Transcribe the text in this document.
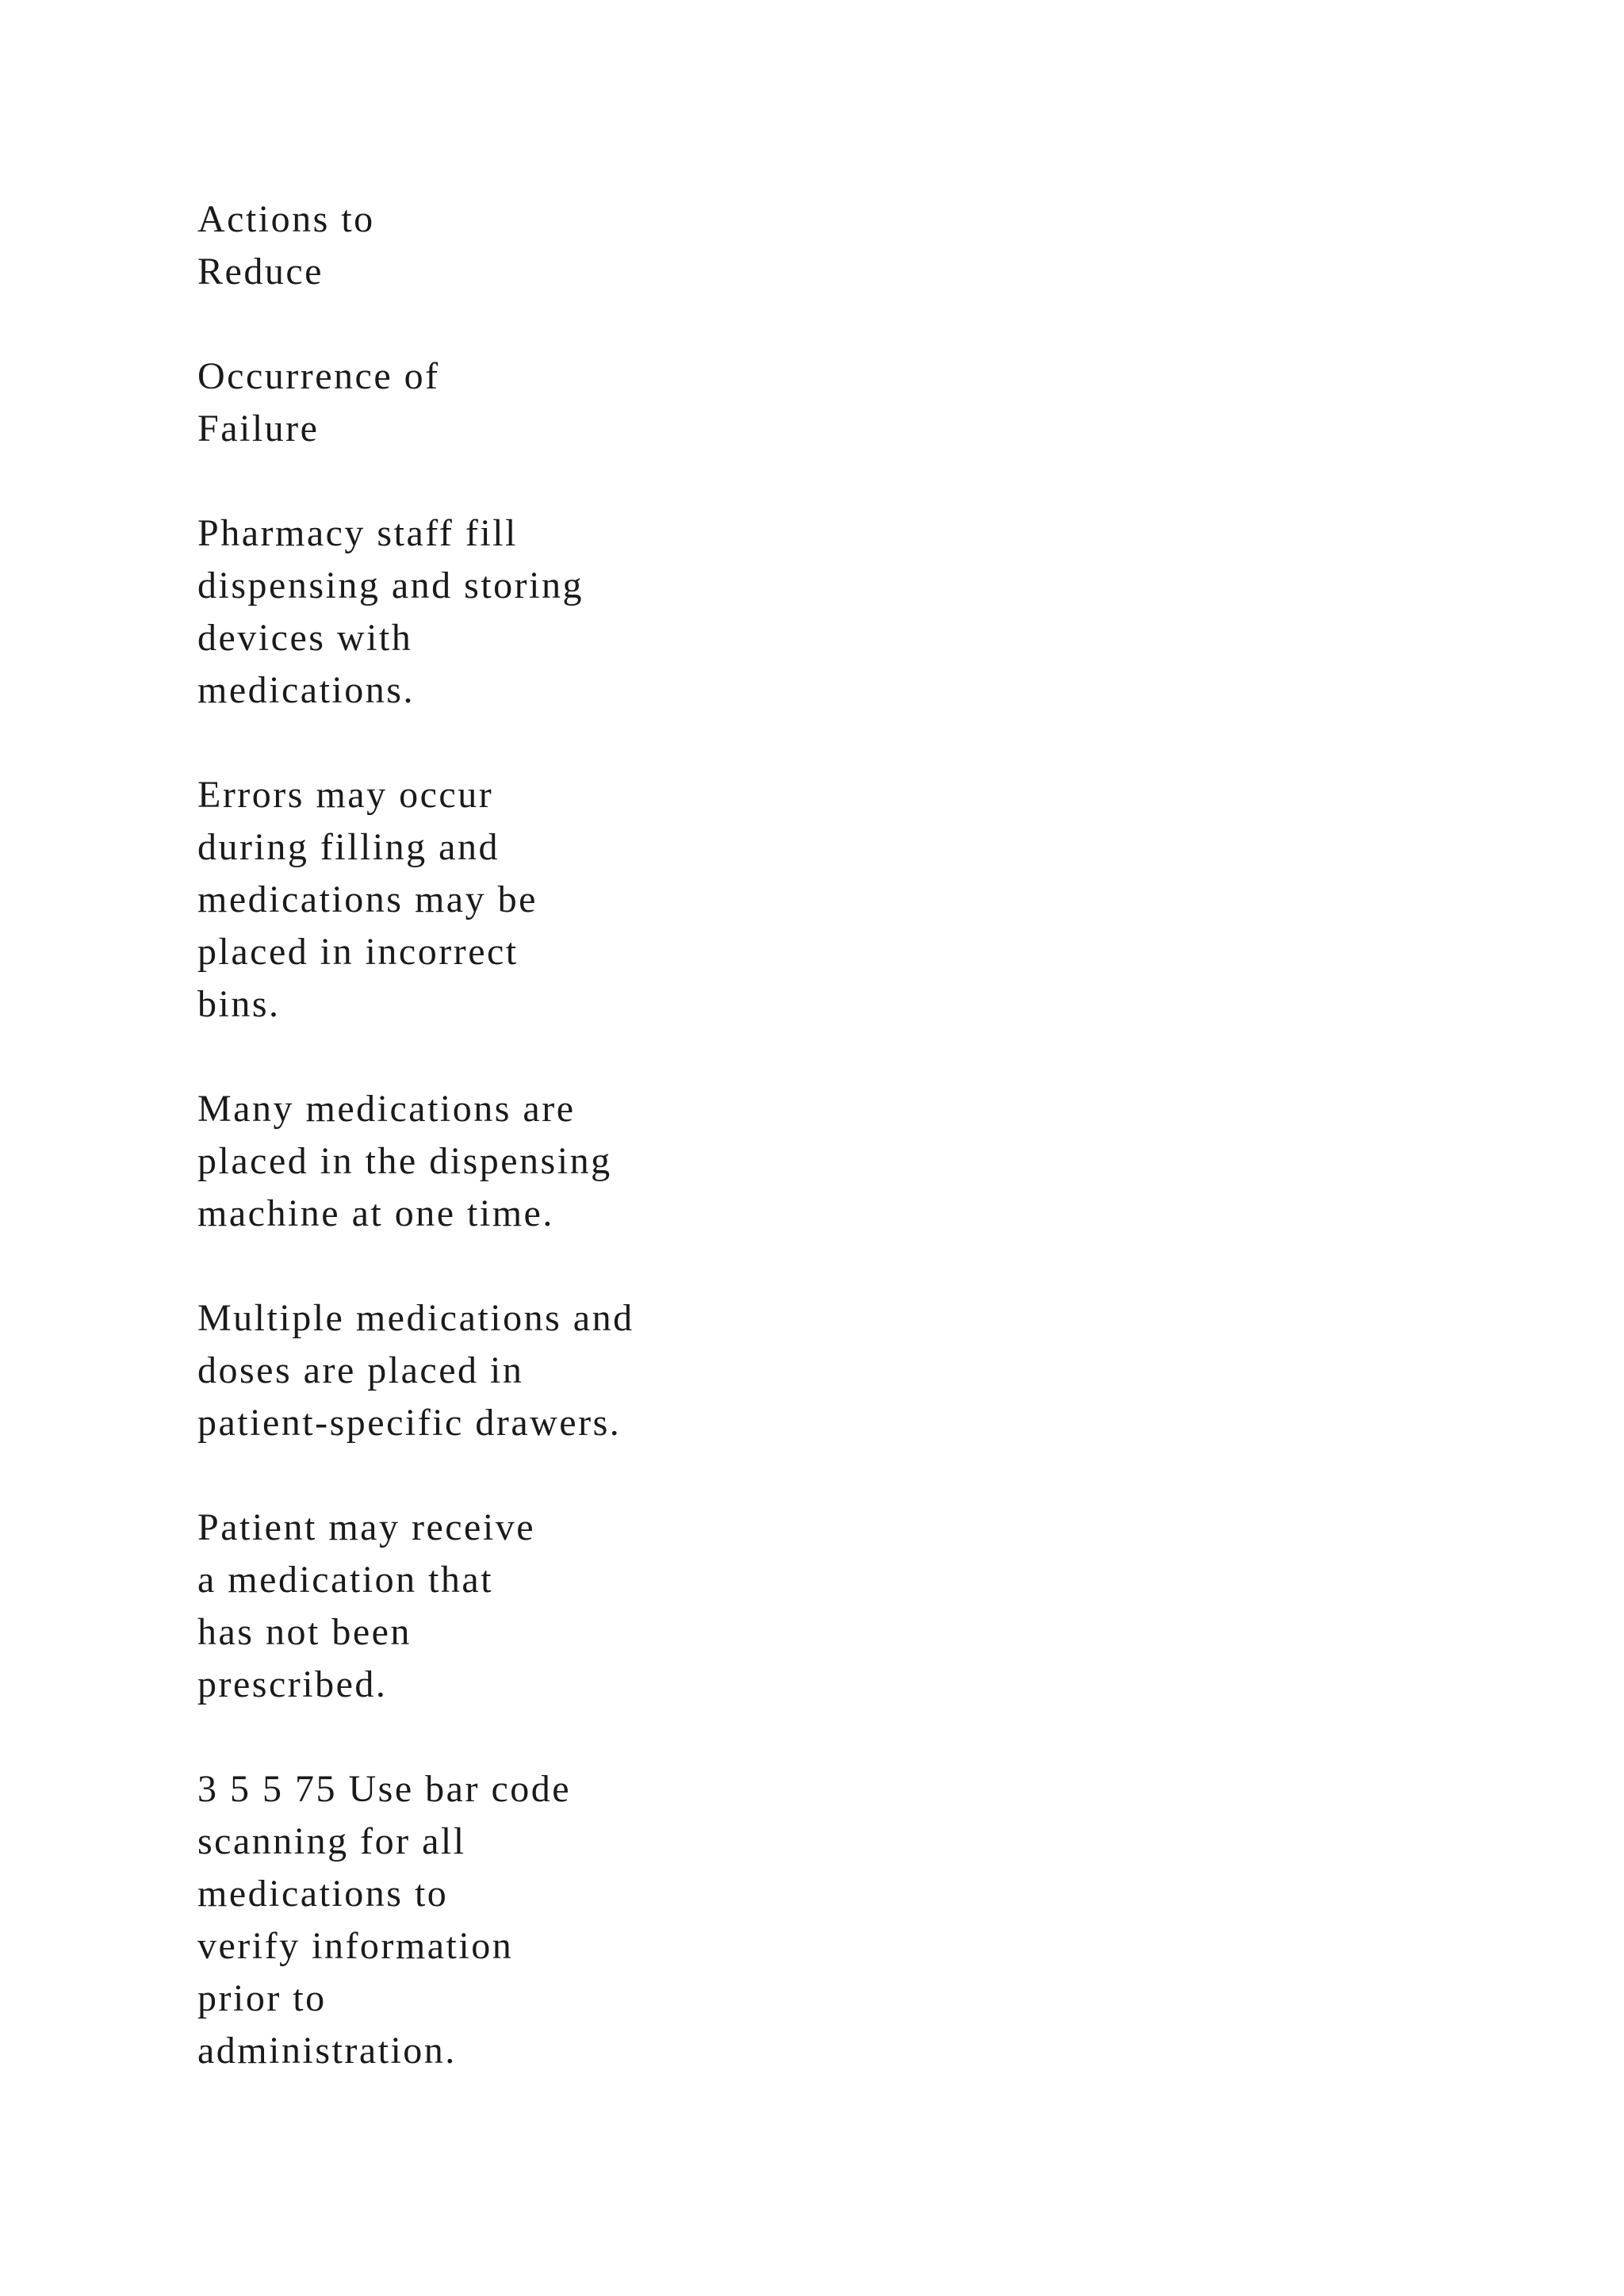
Actions to
Reduce

Occurrence of
Failure

Pharmacy staff fill
dispensing and storing
devices with
medications.

Errors may occur
during filling and
medications may be
placed in incorrect
bins.

Many medications are
placed in the dispensing
machine at one time.

Multiple medications and
doses are placed in
patient-specific drawers.

Patient may receive
a medication that
has not been
prescribed.

3 5 5 75 Use bar code
scanning for all
medications to
verify information
prior to
administration.
